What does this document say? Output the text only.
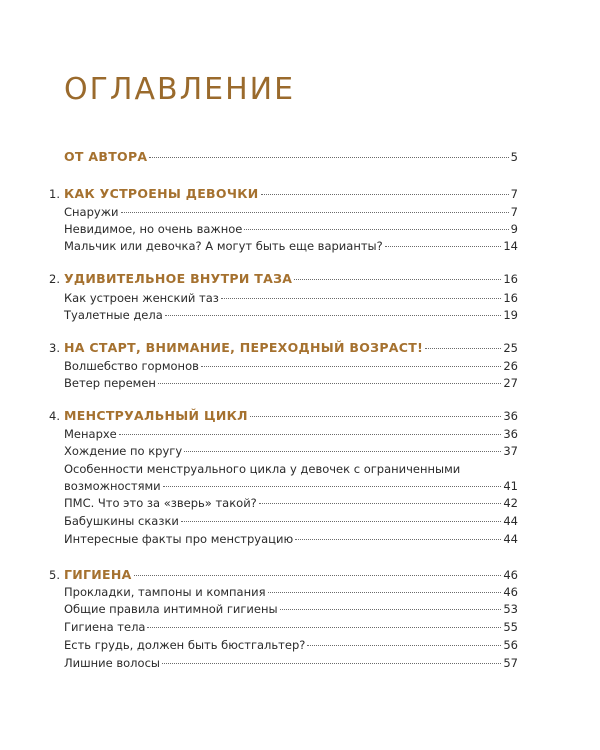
ОГЛАВЛЕНИЕ
ОТ АВТОРА	5
1. КАК УСТРОЕНЫ ДЕВОЧКИ	7
Снаружи	7
Невидимое, но очень важное	9
Мальчик или девочка? А могут быть еще варианты?	14
2. УДИВИТЕЛЬНОЕ ВНУТРИ ТАЗА	16
Как устроен женский таз	16
Туалетные дела	19
3. НА СТАРТ, ВНИМАНИЕ, ПЕРЕХОДНЫЙ ВОЗРАСТ!	25
Волшебство гормонов	26
Ветер перемен	27
4. МЕНСТРУАЛЬНЫЙ ЦИКЛ	36
Менархе	36
Хождение по кругу	37
Особенности менструального цикла у девочек с ограниченными
возможностями	41
ПМС. Что это за «зверь» такой?	42
Бабушкины сказки	44
Интересные факты про менструацию	44
5. ГИГИЕНА	46
Прокладки, тампоны и компания	46
Общие правила интимной гигиены	53
Гигиена тела	55
Есть грудь, должен быть бюстгальтер?	56
Лишние волосы	57
